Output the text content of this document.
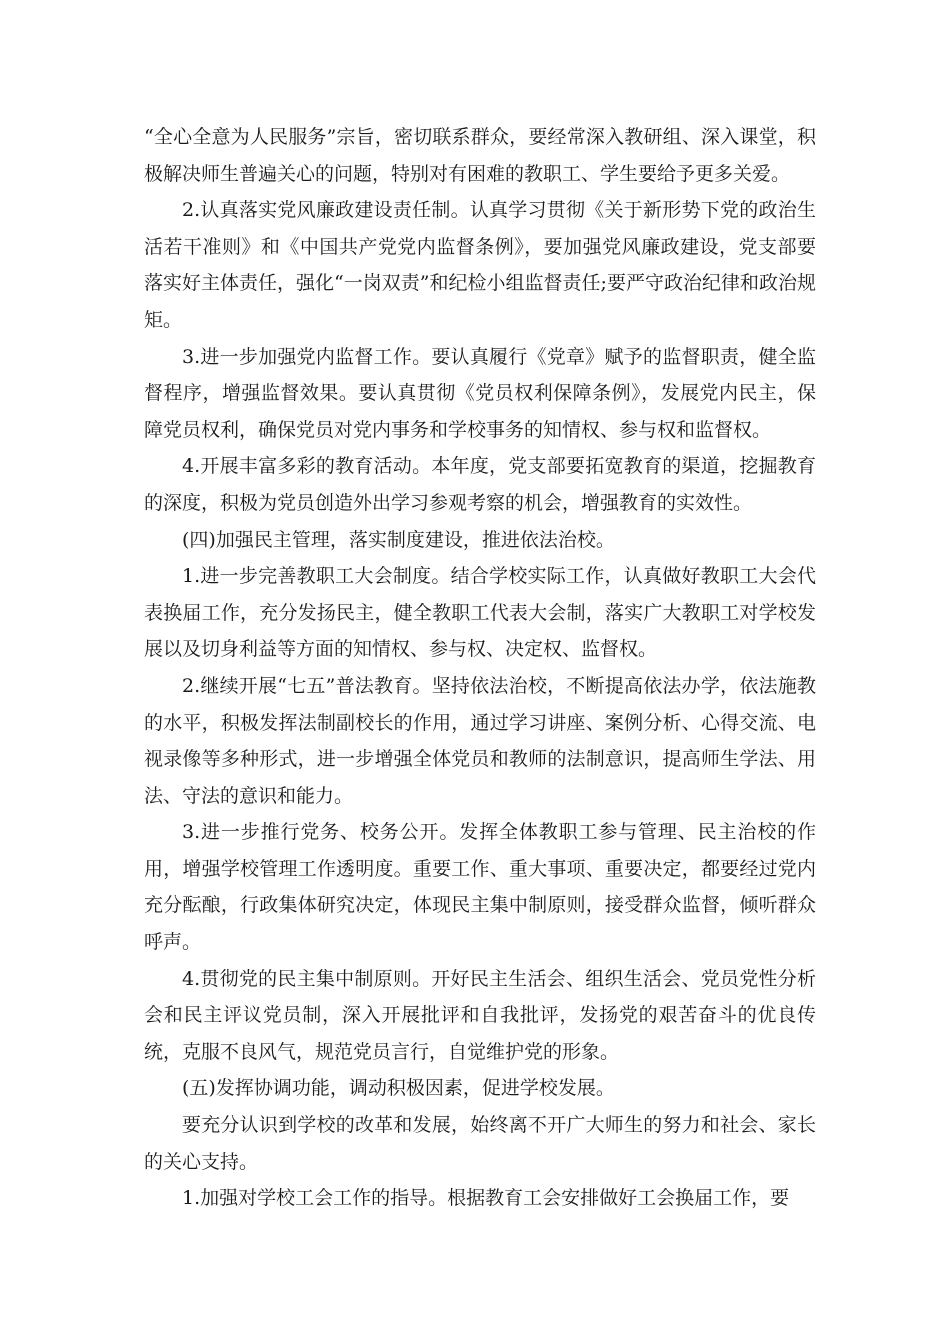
“全心全意为人民服务”宗旨，密切联系群众，要经常深入教研组、深入课堂，积极解决师生普遍关心的问题，特别对有困难的教职工、学生要给予更多关爱。

2.认真落实党风廉政建设责任制。认真学习贯彻《关于新形势下党的政治生活若干准则》和《中国共产党党内监督条例》，要加强党风廉政建设，党支部要落实好主体责任，强化“一岗双责”和纪检小组监督责任;要严守政治纪律和政治规矩。

3.进一步加强党内监督工作。要认真履行《党章》赋予的监督职责，健全监督程序，增强监督效果。要认真贯彻《党员权利保障条例》，发展党内民主，保障党员权利，确保党员对党内事务和学校事务的知情权、参与权和监督权。

4.开展丰富多彩的教育活动。本年度，党支部要拓宽教育的渠道，挖掘教育的深度，积极为党员创造外出学习参观考察的机会，增强教育的实效性。

(四)加强民主管理，落实制度建设，推进依法治校。

1.进一步完善教职工大会制度。结合学校实际工作，认真做好教职工大会代表换届工作，充分发扬民主，健全教职工代表大会制，落实广大教职工对学校发展以及切身利益等方面的知情权、参与权、决定权、监督权。

2.继续开展“七五”普法教育。坚持依法治校，不断提高依法办学，依法施教的水平，积极发挥法制副校长的作用，通过学习讲座、案例分析、心得交流、电视录像等多种形式，进一步增强全体党员和教师的法制意识，提高师生学法、用法、守法的意识和能力。

3.进一步推行党务、校务公开。发挥全体教职工参与管理、民主治校的作用，增强学校管理工作透明度。重要工作、重大事项、重要决定，都要经过党内充分酝酿，行政集体研究决定，体现民主集中制原则，接受群众监督，倾听群众呼声。

4.贯彻党的民主集中制原则。开好民主生活会、组织生活会、党员党性分析会和民主评议党员制，深入开展批评和自我批评，发扬党的艰苦奋斗的优良传统，克服不良风气，规范党员言行，自觉维护党的形象。

(五)发挥协调功能，调动积极因素，促进学校发展。

要充分认识到学校的改革和发展，始终离不开广大师生的努力和社会、家长的关心支持。

1.加强对学校工会工作的指导。根据教育工会安排做好工会换届工作，要
